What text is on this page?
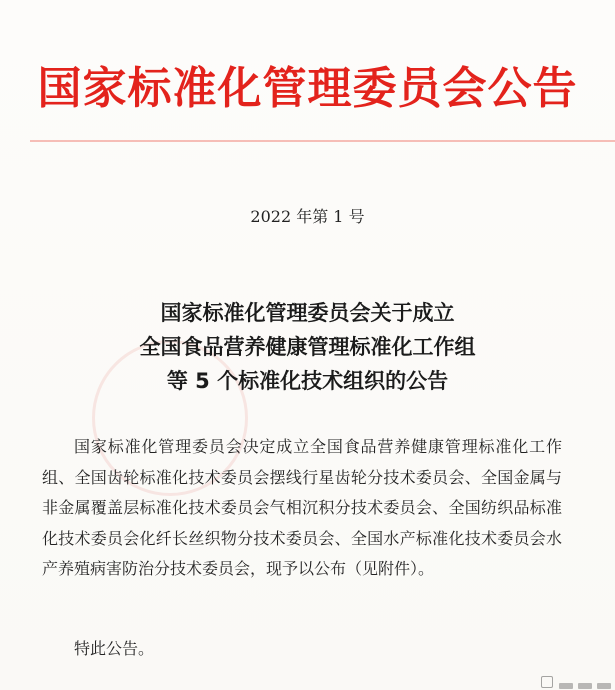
国家标准化管理委员会公告
2022 年第 1 号
国家标准化管理委员会关于成立
全国食品营养健康管理标准化工作组
等 5 个标准化技术组织的公告

国家标准化管理委员会决定成立全国食品营养健康管理标准化工作组、全国齿轮标准化技术委员会摆线行星齿轮分技术委员会、全国金属与非金属覆盖层标准化技术委员会气相沉积分技术委员会、全国纺织品标准化技术委员会化纤长丝织物分技术委员会、全国水产标准化技术委员会水产养殖病害防治分技术委员会，现予以公布（见附件）。

特此公告。
